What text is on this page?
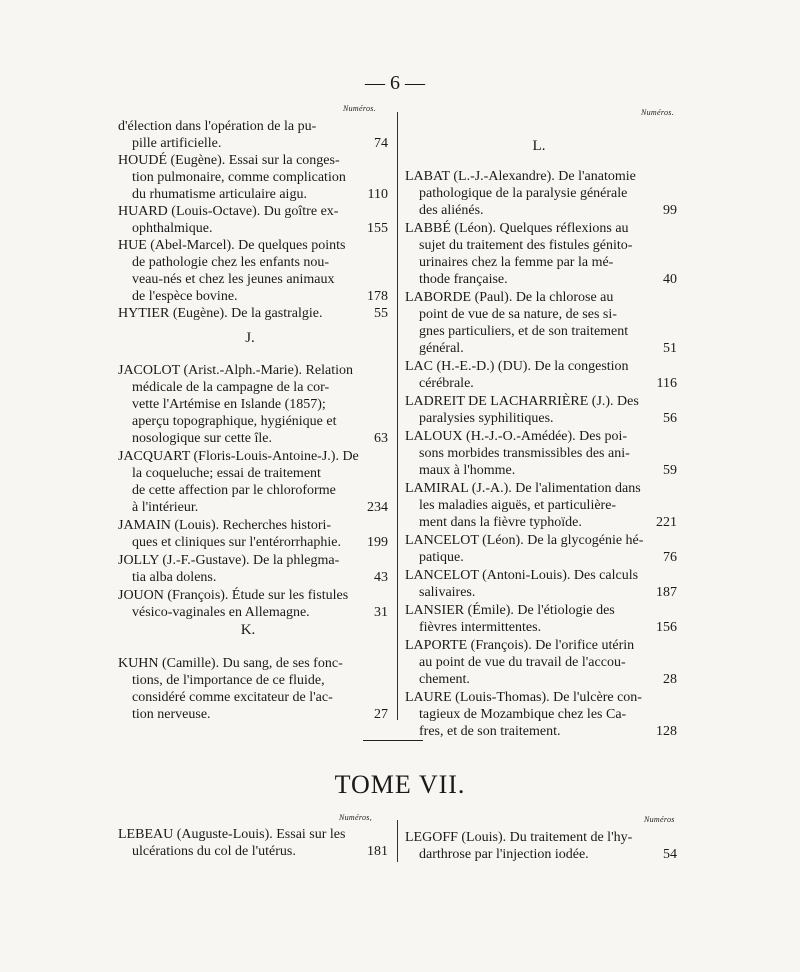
— 6 —
Numéros.	Numéros.
d'élection dans l'opération de la pu-
pille artificielle.	74
HOUDÉ (Eugène). Essai sur la conges-
tion pulmonaire, comme complication
du rhumatisme articulaire aigu.	110
HUARD (Louis-Octave). Du goître ex-
ophthalmique.	155
HUE (Abel-Marcel). De quelques points
de pathologie chez les enfants nou-
veau-nés et chez les jeunes animaux
de l'espèce bovine.	178
HYTIER (Eugène). De la gastralgie.	55
JACOLOT (Arist.-Alph.-Marie). Relation
médicale de la campagne de la cor-
vette l'Artémise en Islande (1857);
aperçu topographique, hygiénique et
nosologique sur cette île.	63
JACQUART (Floris-Louis-Antoine-J.). De
la coqueluche; essai de traitement
de cette affection par le chloroforme
à l'intérieur.	234
JAMAIN (Louis). Recherches histori-
ques et cliniques sur l'entérorrhaphie.	199
JOLLY (J.-F.-Gustave). De la phlegma-
tia alba dolens.	43
JOUON (François). Étude sur les fistules
vésico-vaginales en Allemagne.	31
KUHN (Camille). Du sang, de ses fonc-
tions, de l'importance de ce fluide,
considéré comme excitateur de l'ac-
tion nerveuse.	27
LABAT (L.-J.-Alexandre). De l'anatomie
pathologique de la paralysie générale
des aliénés.	99
LABBÉ (Léon). Quelques réflexions au
sujet du traitement des fistules génito-
urinaires chez la femme par la mé-
thode française.	40
LABORDE (Paul). De la chlorose au
point de vue de sa nature, de ses si-
gnes particuliers, et de son traitement
général.	51
LAC (H.-E.-D.) (DU). De la congestion
cérébrale.	116
LADREIT DE LACHARRIÈRE (J.). Des
paralysies syphilitiques.	56
LALOUX (H.-J.-O.-Amédée). Des poi-
sons morbides transmissibles des ani-
maux à l'homme.	59
LAMIRAL (J.-A.). De l'alimentation dans
les maladies aiguës, et particulière-
ment dans la fièvre typhoïde.	221
LANCELOT (Léon). De la glycogénie hé-
patique.	76
LANCELOT (Antoni-Louis). Des calculs
salivaires.	187
LANSIER (Émile). De l'étiologie des
fièvres intermittentes.	156
LAPORTE (François). De l'orifice utérin
au point de vue du travail de l'accou-
chement.	28
LAURE (Louis-Thomas). De l'ulcère con-
tagieux de Mozambique chez les Ca-
fres, et de son traitement.	128
J.
K.
L.
TOME VII.
Numéros,	Numéros
LEBEAU (Auguste-Louis). Essai sur les
ulcérations du col de l'utérus.	181
LEGOFF (Louis). Du traitement de l'hy-
darthrose par l'injection iodée.	54
